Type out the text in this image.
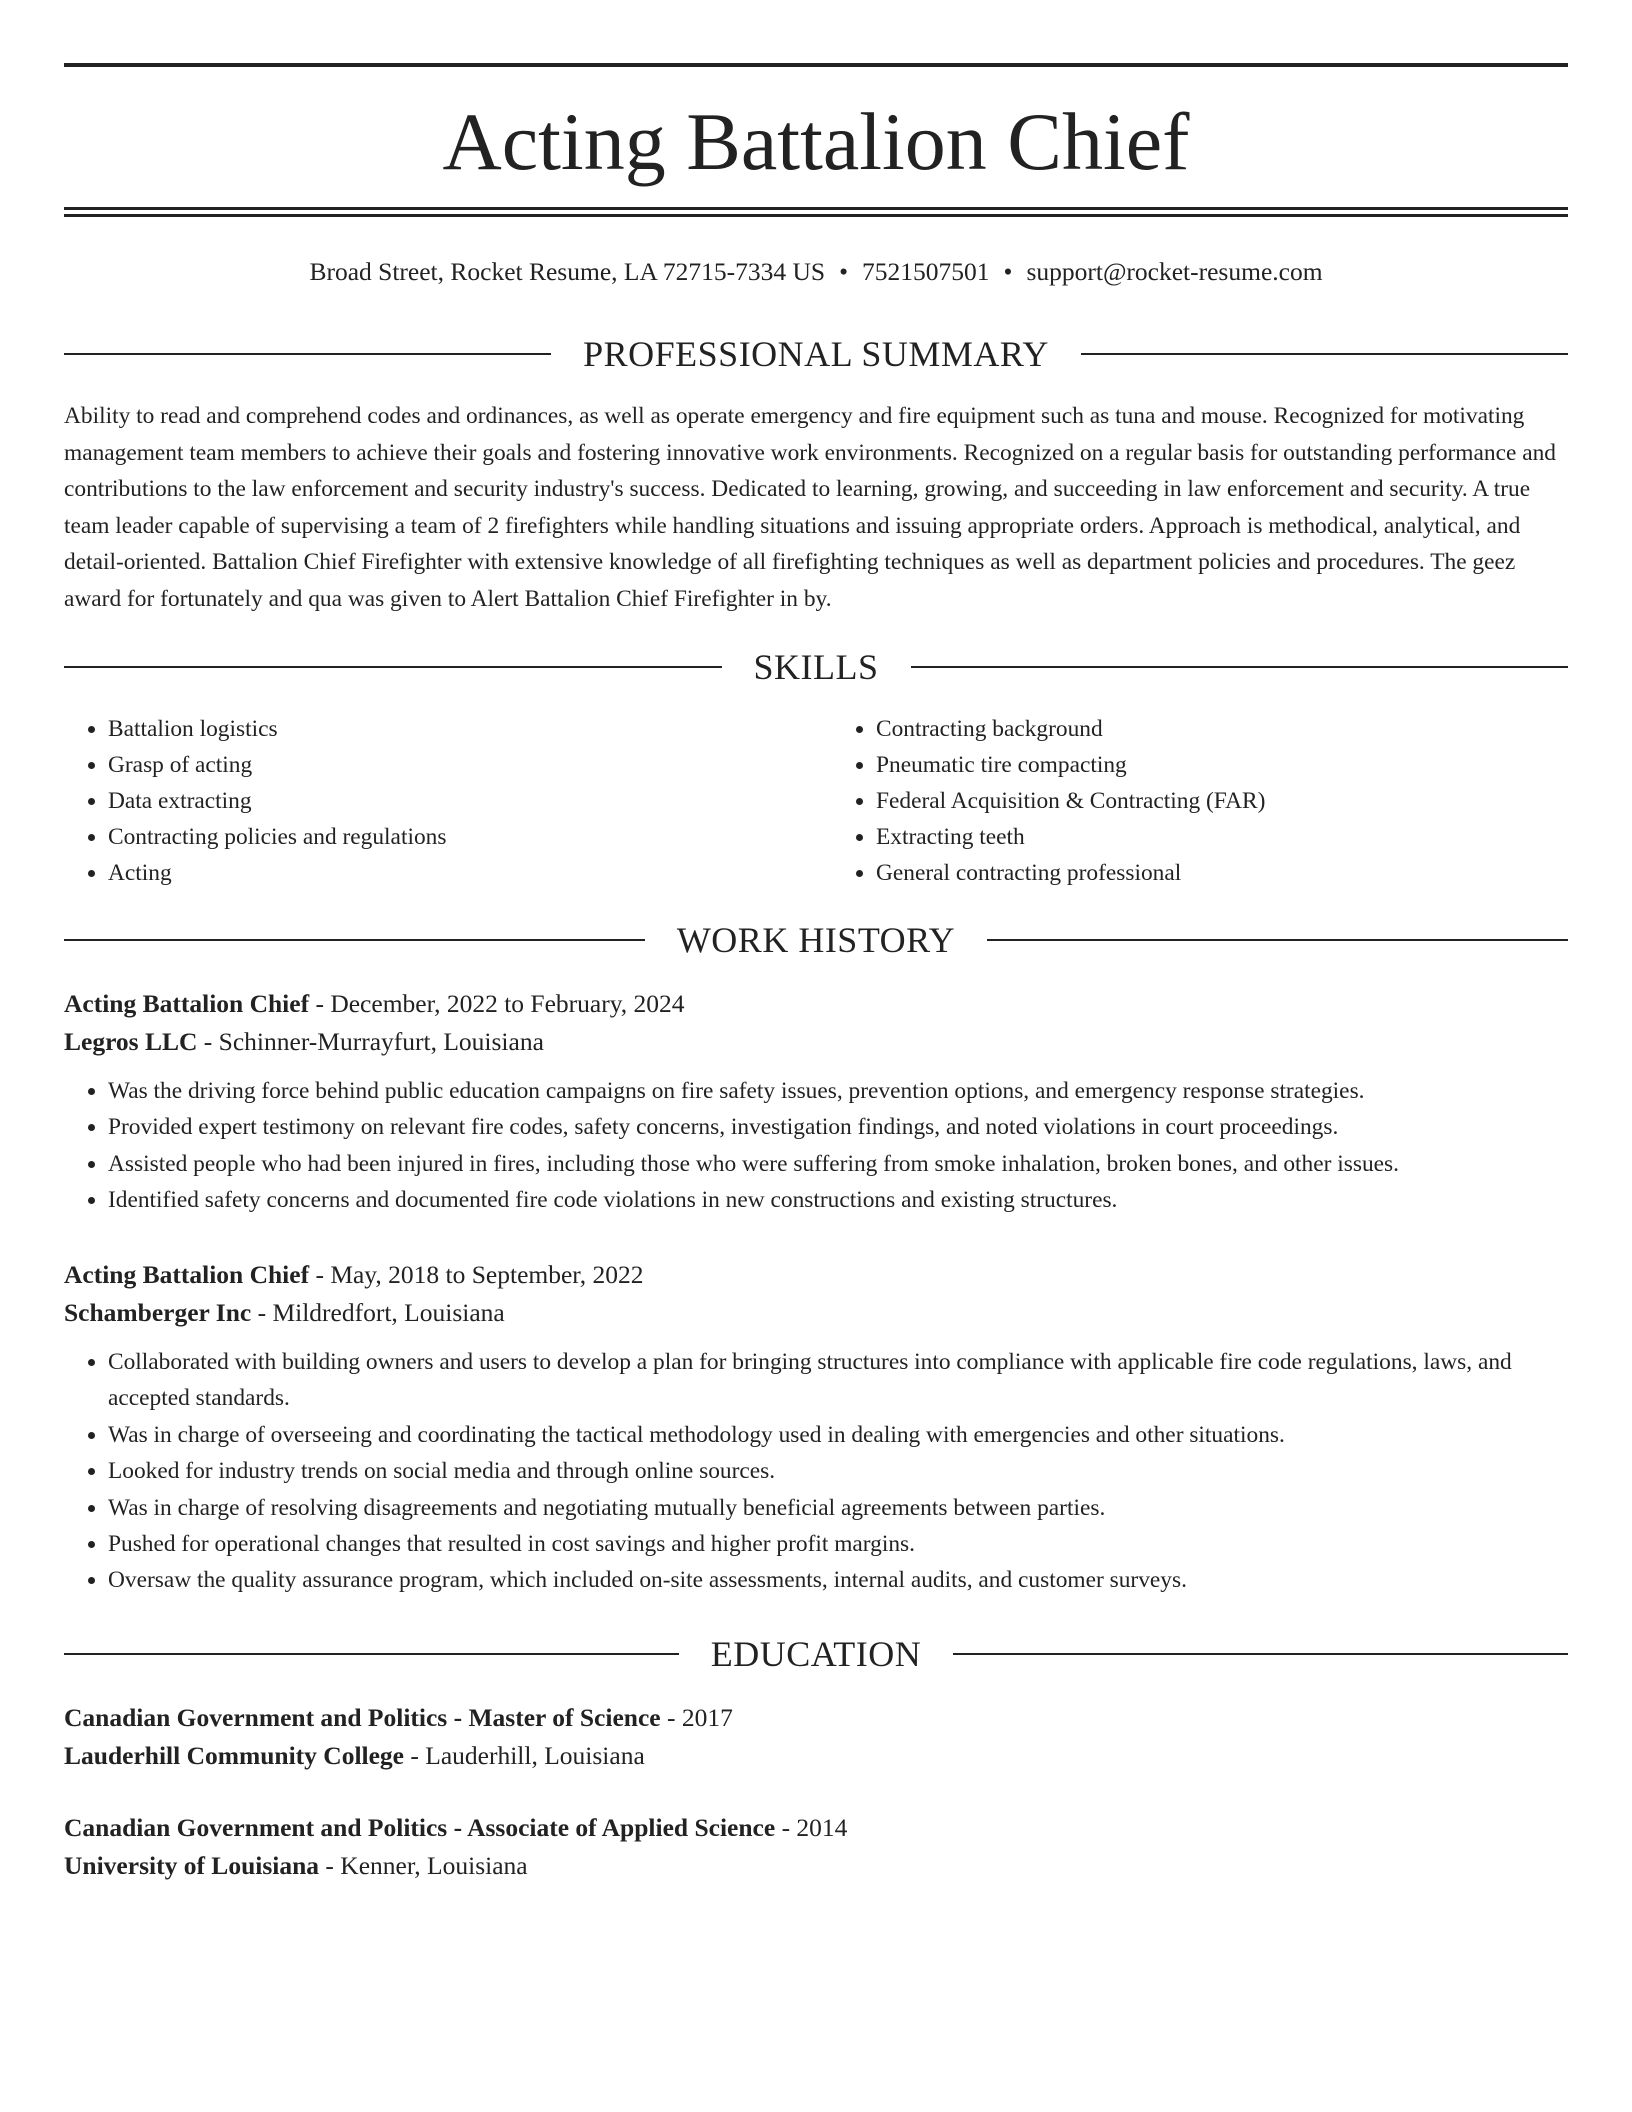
Acting Battalion Chief
Broad Street, Rocket Resume, LA 72715-7334 US • 7521507501 • support@rocket-resume.com
PROFESSIONAL SUMMARY

Ability to read and comprehend codes and ordinances, as well as operate emergency and fire equipment such as tuna and mouse. Recognized for motivating management team members to achieve their goals and fostering innovative work environments. Recognized on a regular basis for outstanding performance and contributions to the law enforcement and security industry's success. Dedicated to learning, growing, and succeeding in law enforcement and security. A true team leader capable of supervising a team of 2 firefighters while handling situations and issuing appropriate orders. Approach is methodical, analytical, and detail-oriented. Battalion Chief Firefighter with extensive knowledge of all firefighting techniques as well as department policies and procedures. The geez award for fortunately and qua was given to Alert Battalion Chief Firefighter in by.

SKILLS
• Battalion logistics
• Grasp of acting
• Data extracting
• Contracting policies and regulations
• Acting
• Contracting background
• Pneumatic tire compacting
• Federal Acquisition & Contracting (FAR)
• Extracting teeth
• General contracting professional
WORK HISTORY
Acting Battalion Chief - December, 2022 to February, 2024
Legros LLC - Schinner-Murrayfurt, Louisiana
• Was the driving force behind public education campaigns on fire safety issues, prevention options, and emergency response strategies.
• Provided expert testimony on relevant fire codes, safety concerns, investigation findings, and noted violations in court proceedings.
• Assisted people who had been injured in fires, including those who were suffering from smoke inhalation, broken bones, and other issues.
• Identified safety concerns and documented fire code violations in new constructions and existing structures.
Acting Battalion Chief - May, 2018 to September, 2022
Schamberger Inc - Mildredfort, Louisiana
• Collaborated with building owners and users to develop a plan for bringing structures into compliance with applicable fire code regulations, laws, and accepted standards.
• Was in charge of overseeing and coordinating the tactical methodology used in dealing with emergencies and other situations.
• Looked for industry trends on social media and through online sources.
• Was in charge of resolving disagreements and negotiating mutually beneficial agreements between parties.
• Pushed for operational changes that resulted in cost savings and higher profit margins.
• Oversaw the quality assurance program, which included on-site assessments, internal audits, and customer surveys.
EDUCATION
Canadian Government and Politics - Master of Science - 2017
Lauderhill Community College - Lauderhill, Louisiana
Canadian Government and Politics - Associate of Applied Science - 2014
University of Louisiana - Kenner, Louisiana
